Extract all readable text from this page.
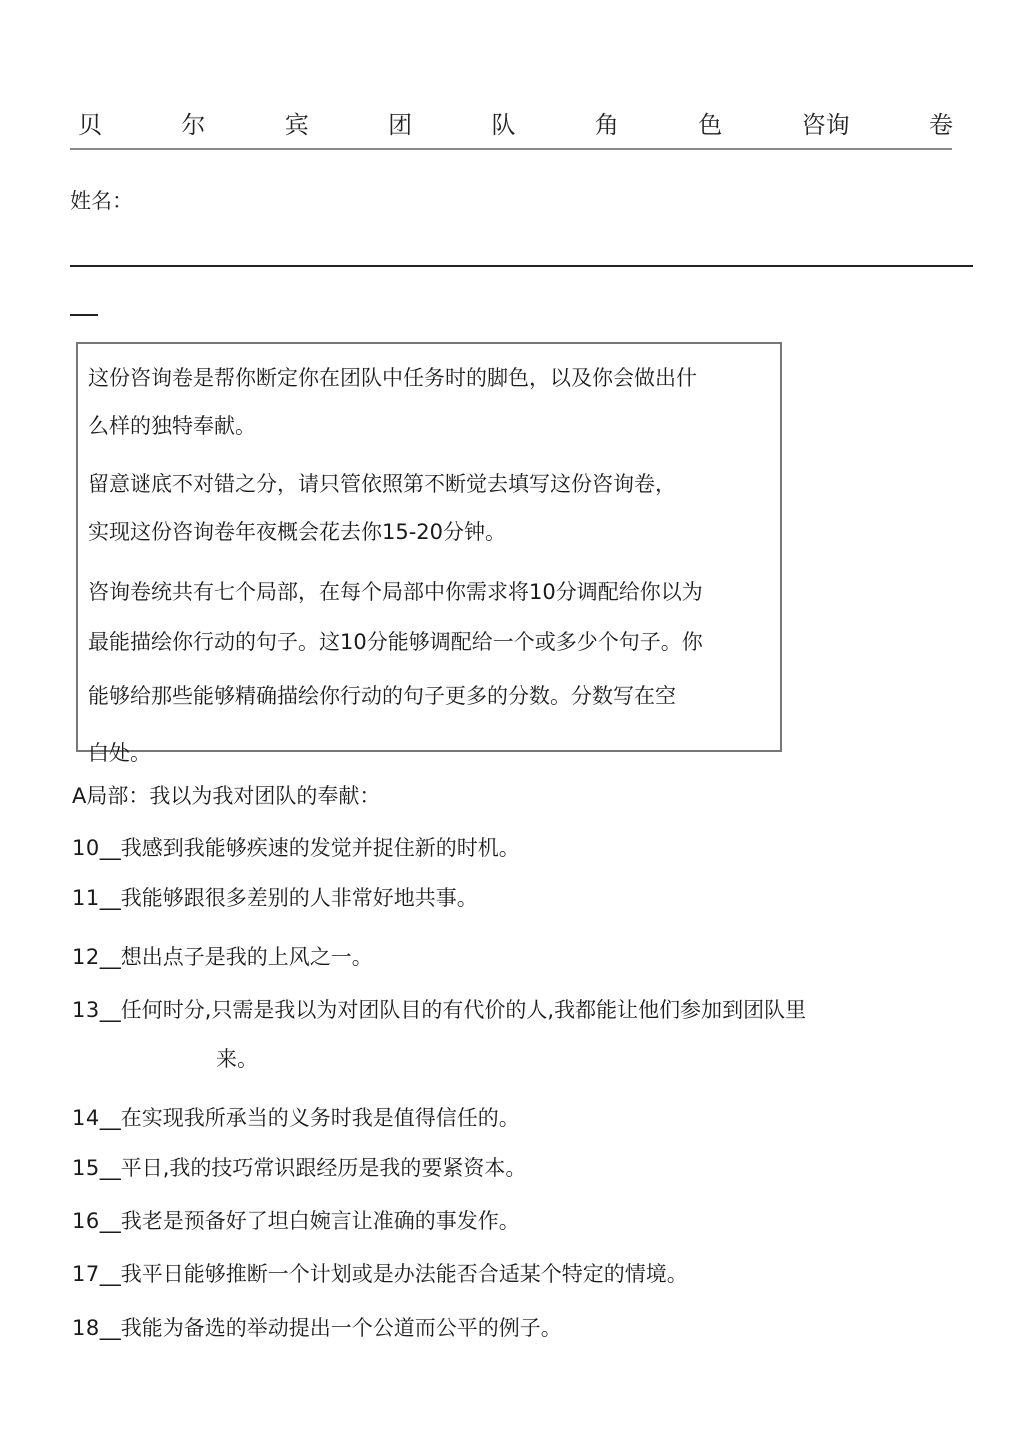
贝	尔	宾	团	队	角	色	咨询	卷
姓名：
这份咨询卷是帮你断定你在团队中任务时的脚色，以及你会做出什
么样的独特奉献。
留意谜底不对错之分，请只管依照第不断觉去填写这份咨询卷，
实现这份咨询卷年夜概会花去你15-20分钟。
咨询卷统共有七个局部，在每个局部中你需求将10分调配给你以为
最能描绘你行动的句子。这10分能够调配给一个或多少个句子。你
能够给那些能够精确描绘你行动的句子更多的分数。分数写在空
白处。
A局部：我以为我对团队的奉献：
10__我感到我能够疾速的发觉并捉住新的时机。
11__我能够跟很多差别的人非常好地共事。
12__想出点子是我的上风之一。
13__任何时分,只需是我以为对团队目的有代价的人,我都能让他们参加到团队里
来。
14__在实现我所承当的义务时我是值得信任的。
15__平日,我的技巧常识跟经历是我的要紧资本。
16__我老是预备好了坦白婉言让准确的事发作。
17__我平日能够推断一个计划或是办法能否合适某个特定的情境。
18__我能为备选的举动提出一个公道而公平的例子。
